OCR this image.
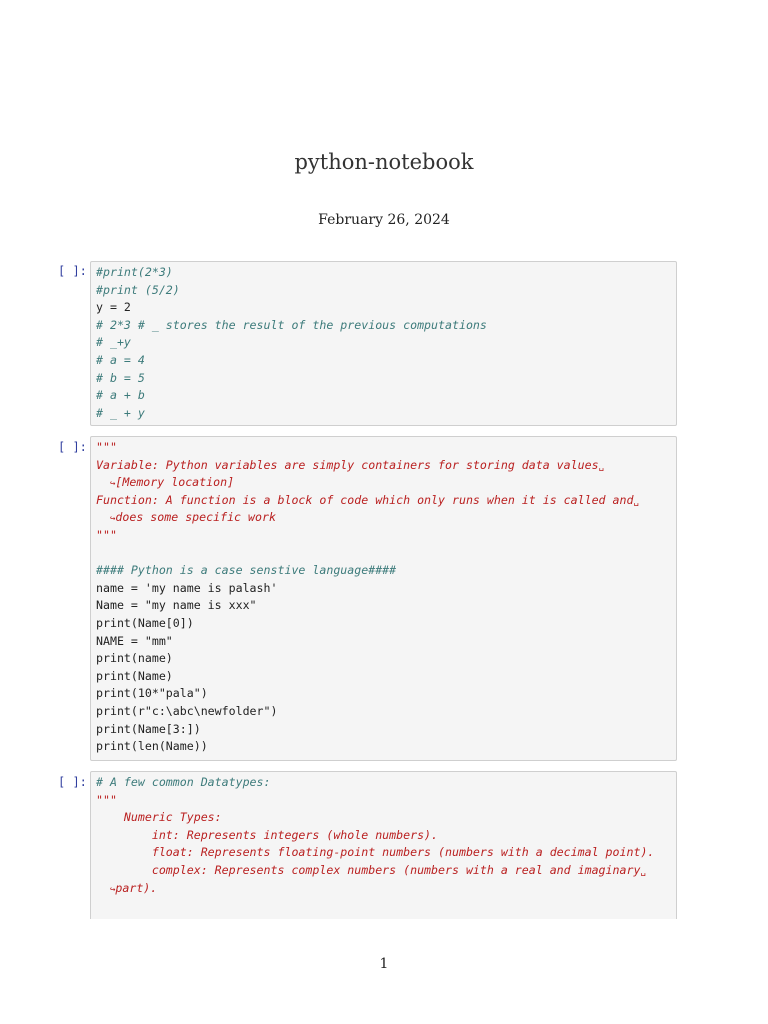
python-notebook
February 26, 2024
[ ]: #print(2*3)
#print (5/2)
y = 2
# 2*3 # _ stores the result of the previous computations
# _+y
# a = 4
# b = 5
# a + b
# _ + y
[ ]: """
Variable: Python variables are simply containers for storing data values␣
↪[Memory location]
Function: A function is a block of code which only runs when it is called and␣
↪does some specific work
"""
#### Python is a case senstive language####
name = 'my name is palash'
Name = "my name is xxx"
print(Name[0])
NAME = "mm"
print(name)
print(Name)
print(10*"pala")
print(r"c:\abc\newfolder")
print(Name[3:])
print(len(Name))
[ ]: # A few common Datatypes:
"""
Numeric Types:
int: Represents integers (whole numbers).
float: Represents floating-point numbers (numbers with a decimal point).
complex: Represents complex numbers (numbers with a real and imaginary␣
↪part).
1
